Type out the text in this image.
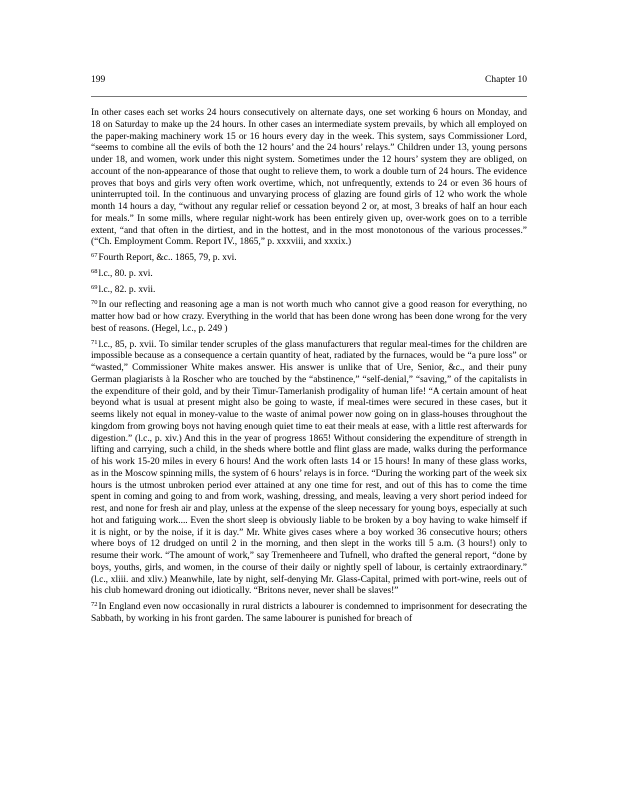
199	Chapter 10

In other cases each set works 24 hours consecutively on alternate days, one set working 6 hours on Monday, and 18 on Saturday to make up the 24 hours. In other cases an intermediate system prevails, by which all employed on the paper-making machinery work 15 or 16 hours every day in the week. This system, says Commissioner Lord, “seems to combine all the evils of both the 12 hours’ and the 24 hours’ relays.” Children under 13, young persons under 18, and women, work under this night system. Sometimes under the 12 hours’ system they are obliged, on account of the non-appearance of those that ought to relieve them, to work a double turn of 24 hours. The evidence proves that boys and girls very often work overtime, which, not unfrequently, extends to 24 or even 36 hours of uninterrupted toil. In the continuous and unvarying process of glazing are found girls of 12 who work the whole month 14 hours a day, “without any regular relief or cessation beyond 2 or, at most, 3 breaks of half an hour each for meals.” In some mills, where regular night-work has been entirely given up, over-work goes on to a terrible extent, “and that often in the dirtiest, and in the hottest, and in the most monotonous of the various processes.” (“Ch. Employment Comm. Report IV., 1865,” p. xxxviii, and xxxix.)

$^{67}$Fourth Report, &c.. 1865, 79, p. xvi.

$^{68}$l.c., 80. p. xvi.

$^{69}$l.c., 82. p. xvii.

$^{70}$In our reflecting and reasoning age a man is not worth much who cannot give a good reason for everything, no matter how bad or how crazy. Everything in the world that has been done wrong has been done wrong for the very best of reasons. (Hegel, l.c., p. 249 )

$^{71}$l.c., 85, p. xvii. To similar tender scruples of the glass manufacturers that regular meal-times for the children are impossible because as a consequence a certain quantity of heat, radiated by the furnaces, would be “a pure loss” or “wasted,” Commissioner White makes answer. His answer is unlike that of Ure, Senior, &c., and their puny German plagiarists à la Roscher who are touched by the “abstinence,” “self-denial,” “saving,” of the capitalists in the expenditure of their gold, and by their Timur-Tamerlanish prodigality of human life! “A certain amount of heat beyond what is usual at present might also be going to waste, if meal-times were secured in these cases, but it seems likely not equal in money-value to the waste of animal power now going on in glass-houses throughout the kingdom from growing boys not having enough quiet time to eat their meals at ease, with a little rest afterwards for digestion.” (l.c., p. xiv.) And this in the year of progress 1865! Without considering the expenditure of strength in lifting and carrying, such a child, in the sheds where bottle and flint glass are made, walks during the performance of his work 15-20 miles in every 6 hours! And the work often lasts 14 or 15 hours! In many of these glass works, as in the Moscow spinning mills, the system of 6 hours’ relays is in force. “During the working part of the week six hours is the utmost unbroken period ever attained at any one time for rest, and out of this has to come the time spent in coming and going to and from work, washing, dressing, and meals, leaving a very short period indeed for rest, and none for fresh air and play, unless at the expense of the sleep necessary for young boys, especially at such hot and fatiguing work.... Even the short sleep is obviously liable to be broken by a boy having to wake himself if it is night, or by the noise, if it is day.” Mr. White gives cases where a boy worked 36 consecutive hours; others where boys of 12 drudged on until 2 in the morning, and then slept in the works till 5 a.m. (3 hours!) only to resume their work. “The amount of work,” say Tremenheere and Tufnell, who drafted the general report, “done by boys, youths, girls, and women, in the course of their daily or nightly spell of labour, is certainly extraordinary.” (l.c., xliii. and xliv.) Meanwhile, late by night, self-denying Mr. Glass-Capital, primed with port-wine, reels out of his club homeward droning out idiotically. “Britons never, never shall be slaves!”

$^{72}$In England even now occasionally in rural districts a labourer is condemned to imprisonment for desecrating the Sabbath, by working in his front garden. The same labourer is punished for breach of
